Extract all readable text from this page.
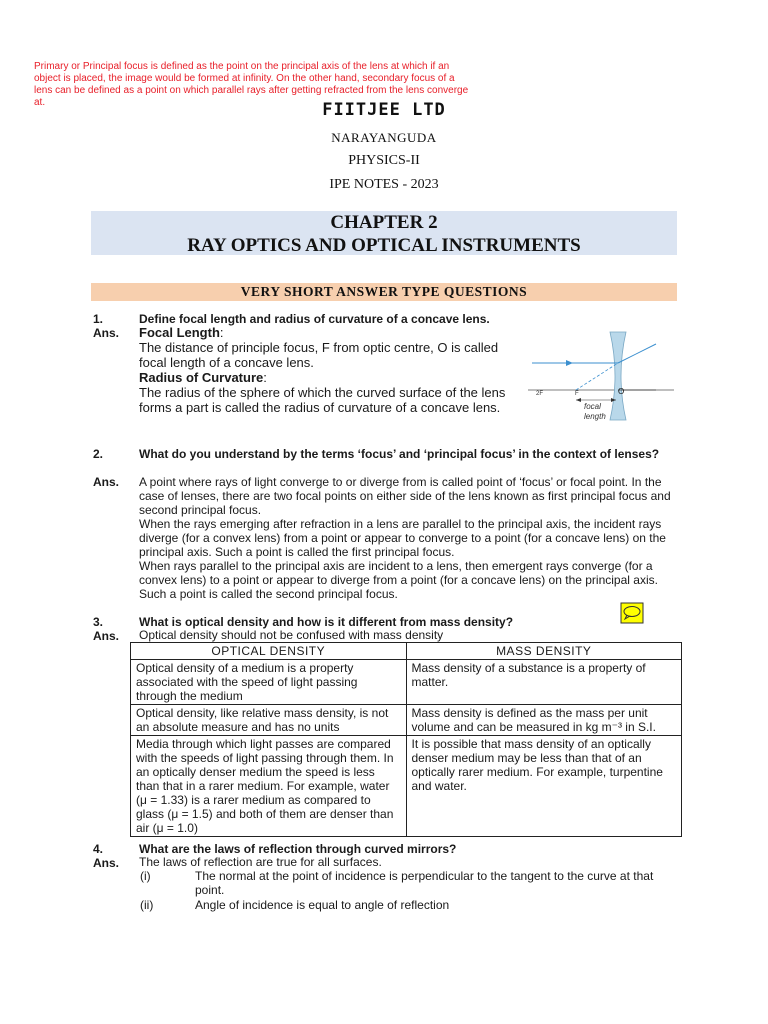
Primary or Principal focus is defined as the point on the principal axis of the lens at which if an object is placed, the image would be formed at infinity. On the other hand, secondary focus of a lens can be defined as a point on which parallel rays after getting refracted from the lens converge at.	FIITJEE LTD
NARAYANGUDA
PHYSICS-II
IPE NOTES - 2023
CHAPTER 2
RAY OPTICS AND OPTICAL INSTRUMENTS
VERY SHORT ANSWER TYPE QUESTIONS
1.	Define focal length and radius of curvature of a concave lens.
Ans. Focal Length:
The distance of principle focus, F from optic centre, O is called focal length of a concave lens.
Radius of Curvature:
The radius of the sphere of which the curved surface of the lens forms a part is called the radius of curvature of a concave lens.
2F	F	O
focal
length
2.	What do you understand by the terms ‘focus’ and ‘principal focus’ in the context of lenses?
Ans. A point where rays of light converge to or diverge from is called point of ‘focus’ or focal point. In the case of lenses, there are two focal points on either side of the lens known as first principal focus and second principal focus.
When the rays emerging after refraction in a lens are parallel to the principal axis, the incident rays diverge (for a convex lens) from a point or appear to converge to a point (for a concave lens) on the principal axis. Such a point is called the first principal focus.
When rays parallel to the principal axis are incident to a lens, then emergent rays converge (for a convex lens) to a point or appear to diverge from a point (for a concave lens) on the principal axis. Such a point is called the second principal focus.
3.	What is optical density and how is it different from mass density?
Ans. Optical density should not be confused with mass density
OPTICAL DENSITY	MASS DENSITY
Optical density of a medium is a property associated with the speed of light passing through the medium	Mass density of a substance is a property of matter.
Optical density, like relative mass density, is not an absolute measure and has no units	Mass density is defined as the mass per unit volume and can be measured in kg m⁻³ in S.I.
Media through which light passes are compared with the speeds of light passing through them. In an optically denser medium the speed is less than that in a rarer medium. For example, water (μ = 1.33) is a rarer medium as compared to glass (μ = 1.5) and both of them are denser than air (μ = 1.0)	It is possible that mass density of an optically denser medium may be less than that of an optically rarer medium. For example, turpentine and water.
4.	What are the laws of reflection through curved mirrors?
Ans. The laws of reflection are true for all surfaces.
(i)	The normal at the point of incidence is perpendicular to the tangent to the curve at that point.
(ii)	Angle of incidence is equal to angle of reflection
